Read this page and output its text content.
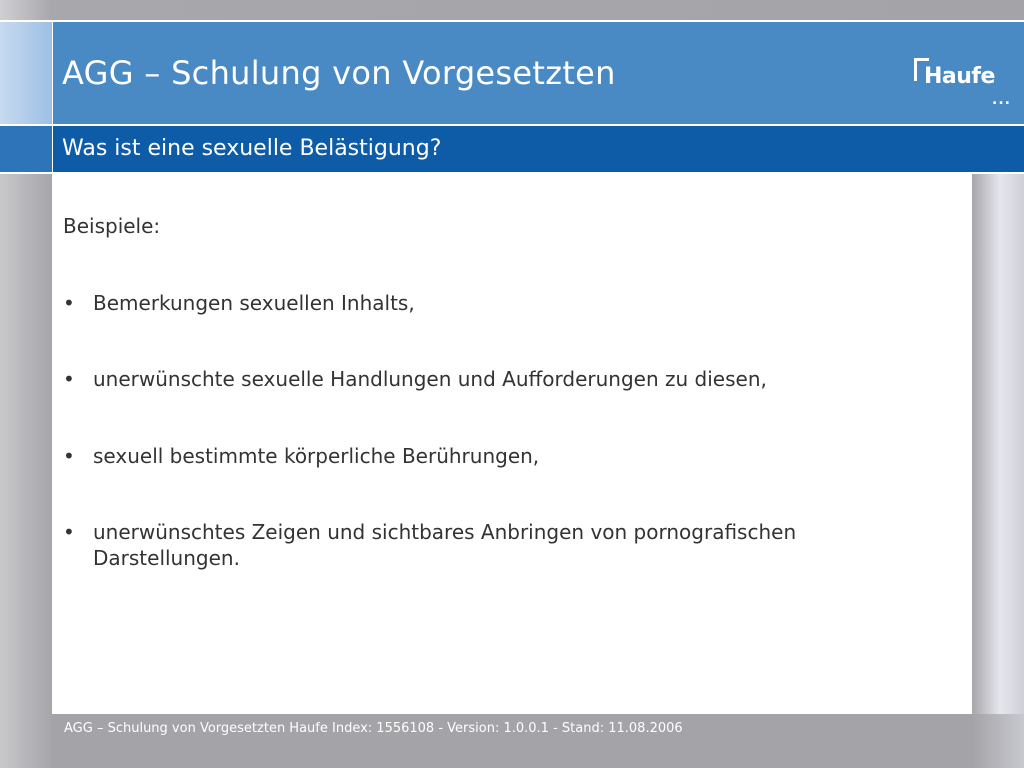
AGG – Schulung von Vorgesetzten	Haufe
...
Was ist eine sexuelle Belästigung?
Beispiele:
• Bemerkungen sexuellen Inhalts,
• unerwünschte sexuelle Handlungen und Aufforderungen zu diesen,
• sexuell bestimmte körperliche Berührungen,
• unerwünschtes Zeigen und sichtbares Anbringen von pornografischen Darstellungen.
AGG – Schulung von Vorgesetzten Haufe Index: 1556108 - Version: 1.0.0.1 - Stand: 11.08.2006
